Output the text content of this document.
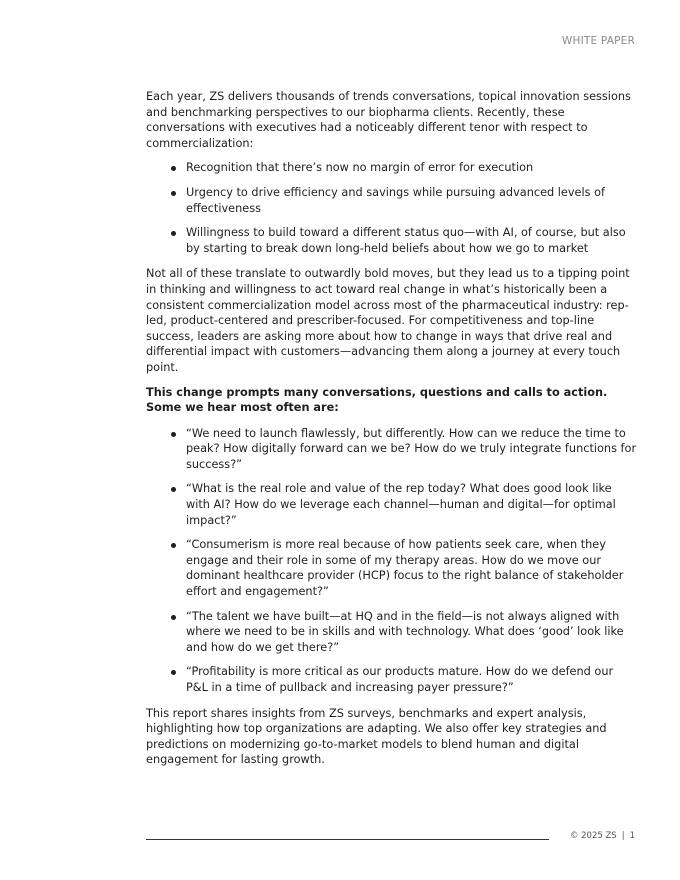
WHITE PAPER

Each year, ZS delivers thousands of trends conversations, topical innovation sessions and benchmarking perspectives to our biopharma clients. Recently, these conversations with executives had a noticeably different tenor with respect to commercialization:

Recognition that there’s now no margin of error for execution
Urgency to drive efficiency and savings while pursuing advanced levels of effectiveness
Willingness to build toward a different status quo—with AI, of course, but also by starting to break down long-held beliefs about how we go to market

Not all of these translate to outwardly bold moves, but they lead us to a tipping point in thinking and willingness to act toward real change in what’s historically been a consistent commercialization model across most of the pharmaceutical industry: rep-led, product-centered and prescriber-focused. For competitiveness and top-line success, leaders are asking more about how to change in ways that drive real and differential impact with customers—advancing them along a journey at every touch point.

This change prompts many conversations, questions and calls to action. Some we hear most often are:

“We need to launch flawlessly, but differently. How can we reduce the time to peak? How digitally forward can we be? How do we truly integrate functions for success?”
“What is the real role and value of the rep today? What does good look like with AI? How do we leverage each channel—human and digital—for optimal impact?”
“Consumerism is more real because of how patients seek care, when they engage and their role in some of my therapy areas. How do we move our dominant healthcare provider (HCP) focus to the right balance of stakeholder effort and engagement?”
“The talent we have built—at HQ and in the field—is not always aligned with where we need to be in skills and with technology. What does ‘good’ look like and how do we get there?”
“Profitability is more critical as our products mature. How do we defend our P&L in a time of pullback and increasing payer pressure?”

This report shares insights from ZS surveys, benchmarks and expert analysis, highlighting how top organizations are adapting. We also offer key strategies and predictions on modernizing go-to-market models to blend human and digital engagement for lasting growth.

© 2025 ZS | 1
